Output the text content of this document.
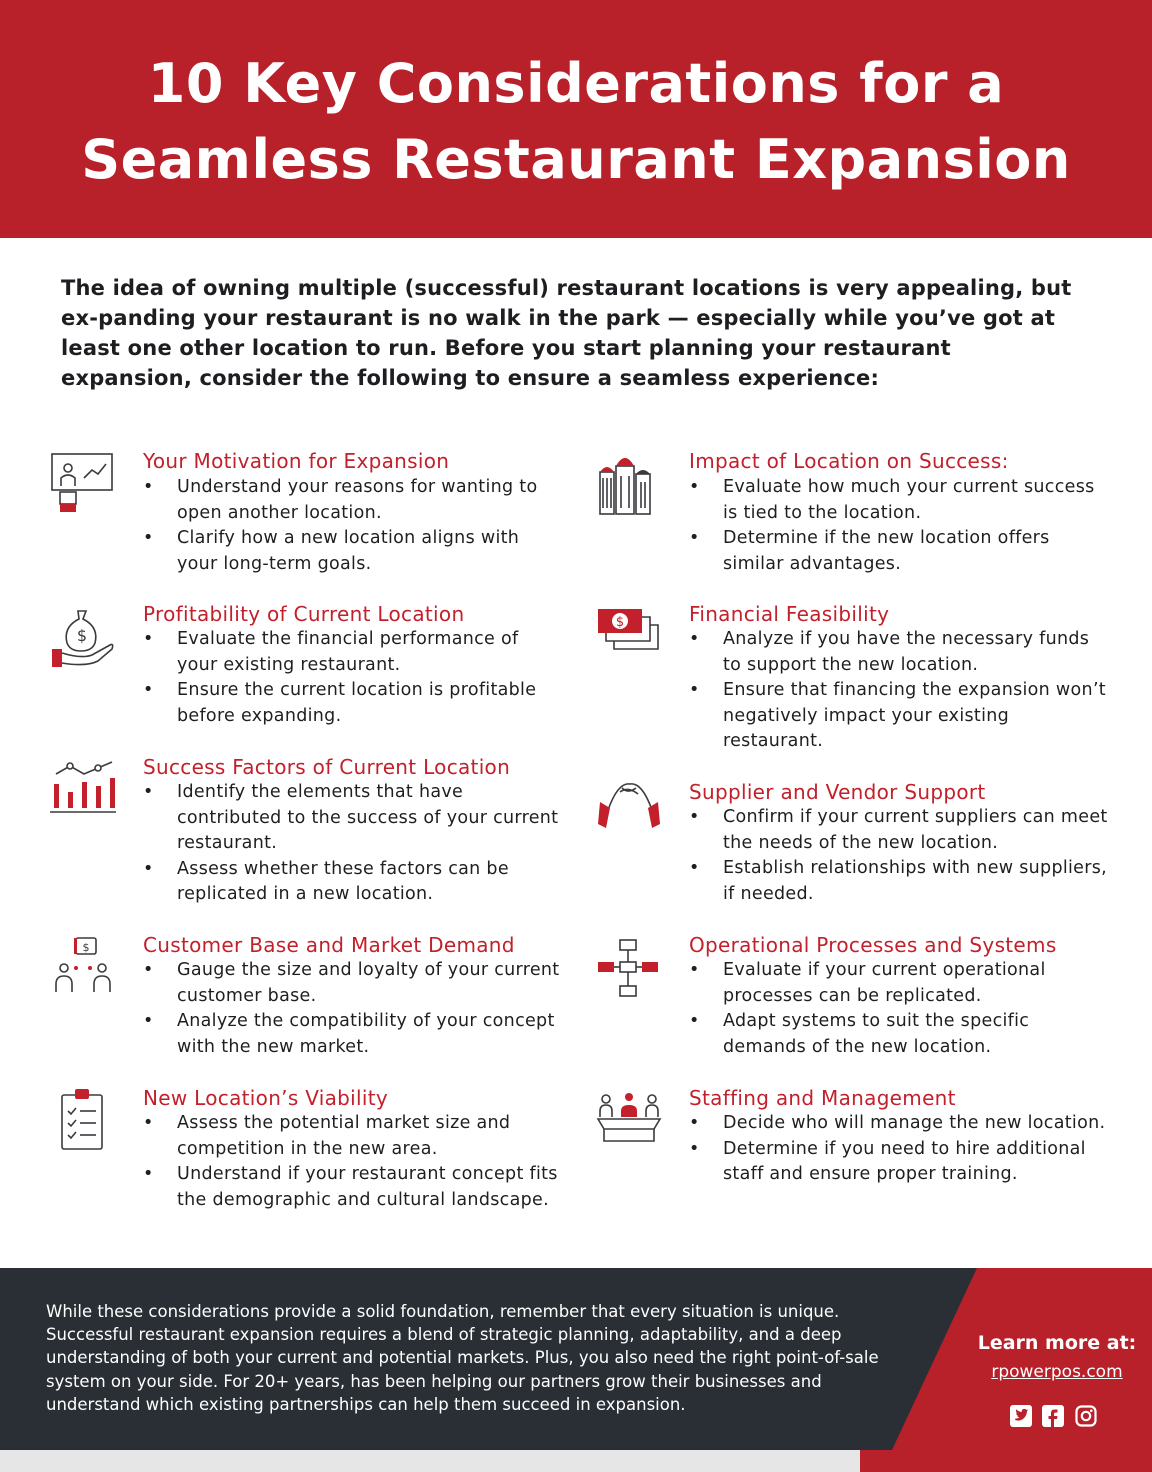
10 Key Considerations for a
Seamless Restaurant Expansion

The idea of owning multiple (successful) restaurant locations is very appealing, but ex-panding your restaurant is no walk in the park — especially while you’ve got at least one other location to run. Before you start planning your restaurant expansion, consider the following to ensure a seamless experience:

Your Motivation for Expansion
• Understand your reasons for wanting to open another location.
• Clarify how a new location aligns with your long-term goals.
Impact of Location on Success:
• Evaluate how much your current success is tied to the location.
• Determine if the new location offers similar advantages.
$
Profitability of Current Location
• Evaluate the financial performance of your existing restaurant.
• Ensure the current location is profitable before expanding.
$	Financial Feasibility
• Analyze if you have the necessary funds to support the new location.
• Ensure that financing the expansion won’t negatively impact your existing restaurant.
Success Factors of Current Location
• Identify the elements that have contributed to the success of your current restaurant.
• Assess whether these factors can be replicated in a new location.
Supplier and Vendor Support
• Confirm if your current suppliers can meet the needs of the new location.
• Establish relationships with new suppliers, if needed.
$	Customer Base and Market Demand
• Gauge the size and loyalty of your current customer base.
• Analyze the compatibility of your concept with the new market.
Operational Processes and Systems
• Evaluate if your current operational processes can be replicated.
• Adapt systems to suit the specific demands of the new location.
New Location’s Viability
• Assess the potential market size and competition in the new area.
• Understand if your restaurant concept fits the demographic and cultural landscape.
Staffing and Management
• Decide who will manage the new location.
• Determine if you need to hire additional staff and ensure proper training.

While these considerations provide a solid foundation, remember that every situation is unique. Successful restaurant expansion requires a blend of strategic planning, adaptability, and a deep understanding of both your current and potential markets. Plus, you also need the right point-of-sale system on your side. For 20+ years, has been helping our partners grow their businesses and understand which existing partnerships can help them succeed in expansion.

Learn more at:
rpowerpos.com
